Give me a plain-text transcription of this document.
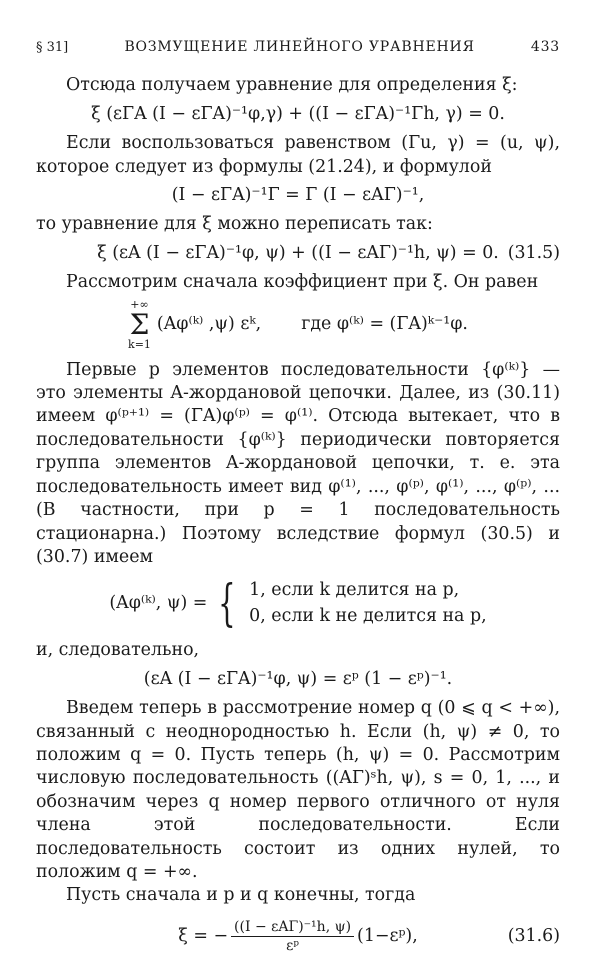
§ 31]	ВОЗМУЩЕНИЕ ЛИНЕЙНОГО УРАВНЕНИЯ	433

Отсюда получаем уравнение для определения ξ:

ξ (εΓA (I − εΓA)⁻¹φ,γ) + ((I − εΓA)⁻¹Γh, γ) = 0.

Если воспользоваться равенством (Γu, γ) = (u, ψ), которое следует из формулы (21.24), и формулой

(I − εΓA)⁻¹Γ = Γ (I − εAΓ)⁻¹,

то уравнение для ξ можно переписать так:

ξ (εA (I − εΓA)⁻¹φ, ψ) + ((I − εAΓ)⁻¹h, ψ) = 0. (31.5)

Рассмотрим сначала коэффициент при ξ. Он равен

+∞
Σ
k=1
(Aφ⁽ᵏ⁾ ,ψ) εᵏ, где φ⁽ᵏ⁾ = (ΓA)ᵏ⁻¹φ.

Первые p элементов последовательности {φ⁽ᵏ⁾} — это элементы A-жордановой цепочки. Далее, из (30.11) имеем φ⁽ᵖ⁺¹⁾ = (ΓA)φ⁽ᵖ⁾ = φ⁽¹⁾. Отсюда вытекает, что в последовательности {φ⁽ᵏ⁾} периодически повторяется группа элементов A-жордановой цепочки, т. е. эта последовательность имеет вид φ⁽¹⁾, ..., φ⁽ᵖ⁾, φ⁽¹⁾, ..., φ⁽ᵖ⁾, ... (В частности, при p = 1 последовательность стационарна.) Поэтому вследствие формул (30.5) и (30.7) имеем

(Aφ⁽ᵏ⁾, ψ) = { 1, если k делится на p,
0, если k не делится на p,

и, следовательно,

(εA (I − εΓA)⁻¹φ, ψ) = εᵖ (1 − εᵖ)⁻¹.

Введем теперь в рассмотрение номер q (0 ⩽ q < +∞), связанный с неоднородностью h. Если (h, ψ) ≠ 0, то положим q = 0. Пусть теперь (h, ψ) = 0. Рассмотрим числовую последовательность ((AΓ)ˢh, ψ), s = 0, 1, ..., и обозначим через q номер первого отличного от нуля члена этой последовательности. Если последовательность состоит из одних нулей, то положим q = +∞.

Пусть сначала и p и q конечны, тогда

ξ = − $\frac{\text{((I − εAΓ)⁻¹h, ψ)}}{\text{εᵖ}}$ (1−εᵖ),	(31.6)
